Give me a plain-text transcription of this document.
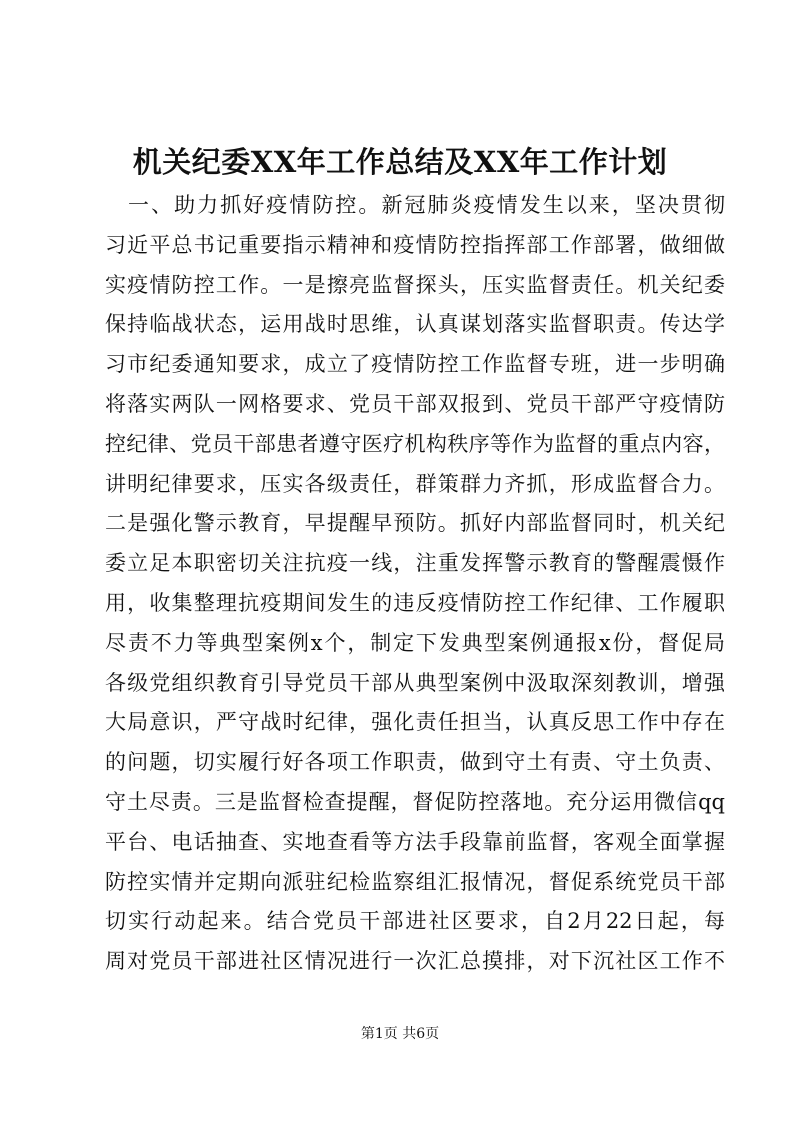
机关纪委XX年工作总结及XX年工作计划
　一、助力抓好疫情防控。新冠肺炎疫情发生以来，坚决贯彻
习近平总书记重要指示精神和疫情防控指挥部工作部署，做细做
实疫情防控工作。一是擦亮监督探头，压实监督责任。机关纪委
保持临战状态，运用战时思维，认真谋划落实监督职责。传达学
习市纪委通知要求，成立了疫情防控工作监督专班，进一步明确
将落实两队一网格要求、党员干部双报到、党员干部严守疫情防
控纪律、党员干部患者遵守医疗机构秩序等作为监督的重点内容，
讲明纪律要求，压实各级责任，群策群力齐抓，形成监督合力。
二是强化警示教育，早提醒早预防。抓好内部监督同时，机关纪
委立足本职密切关注抗疫一线，注重发挥警示教育的警醒震慑作
用，收集整理抗疫期间发生的违反疫情防控工作纪律、工作履职
尽责不力等典型案例x个，制定下发典型案例通报x份，督促局
各级党组织教育引导党员干部从典型案例中汲取深刻教训，增强
大局意识，严守战时纪律，强化责任担当，认真反思工作中存在
的问题，切实履行好各项工作职责，做到守土有责、守土负责、
守土尽责。三是监督检查提醒，督促防控落地。充分运用微信qq
平台、电话抽查、实地查看等方法手段靠前监督，客观全面掌握
防控实情并定期向派驻纪检监察组汇报情况，督促系统党员干部
切实行动起来。结合党员干部进社区要求，自2月22日起，每
周对党员干部进社区情况进行一次汇总摸排，对下沉社区工作不
第1页 共6页
